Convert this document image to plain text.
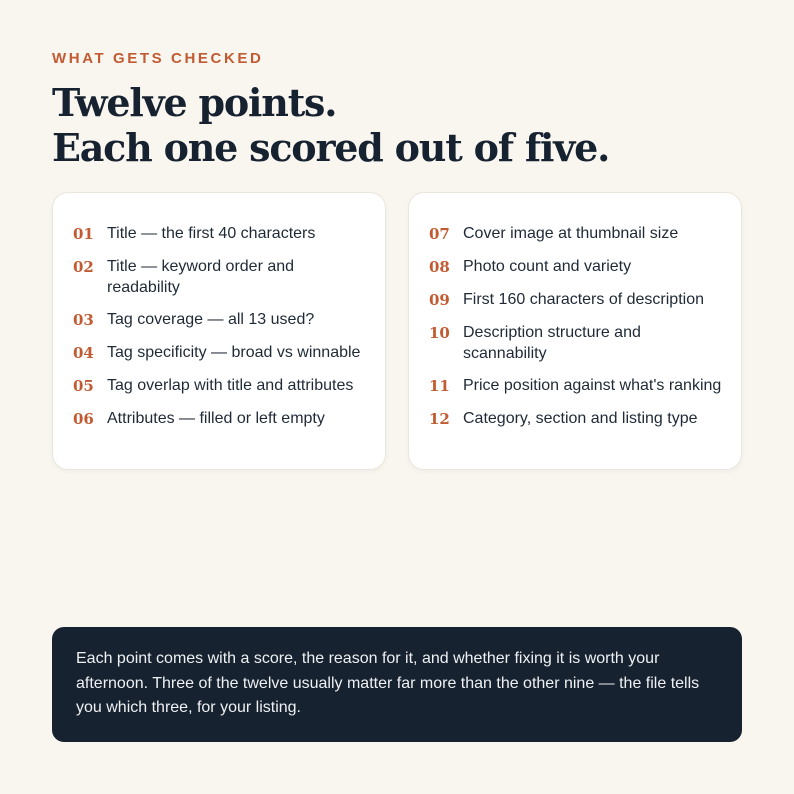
WHAT GETS CHECKED
Twelve points.
Each one scored out of five.
01 Title — the first 40 characters
02 Title — keyword order and readability
03 Tag coverage — all 13 used?
04 Tag specificity — broad vs winnable
05 Tag overlap with title and attributes
06 Attributes — filled or left empty
07 Cover image at thumbnail size
08 Photo count and variety
09 First 160 characters of description
10 Description structure and scannability
11 Price position against what's ranking
12 Category, section and listing type

Each point comes with a score, the reason for it, and whether fixing it is worth your afternoon. Three of the twelve usually matter far more than the other nine — the file tells you which three, for your listing.
